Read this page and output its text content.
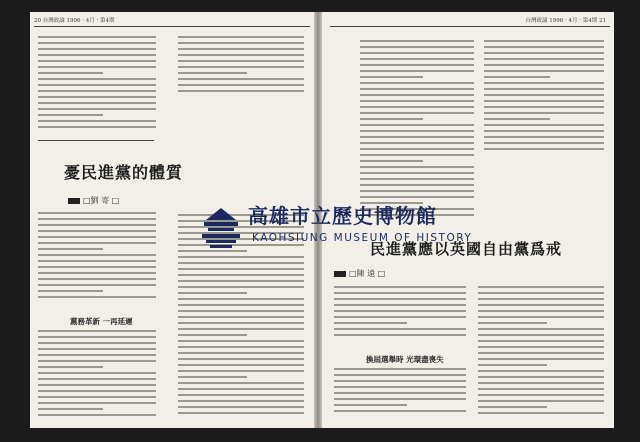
20 台灣政論 1996 · 4月 · 第4期
憂民進黨的體質
□劉 寄 □
黨務革新 一再延遲
台灣政論 1996 · 4月 · 第4期 21
民進黨應以英國自由黨爲戒
□陳 遠 □
換屆選舉時 光環盡喪失
高雄市立歷史博物館
KAOHSIUNG MUSEUM OF HISTORY
